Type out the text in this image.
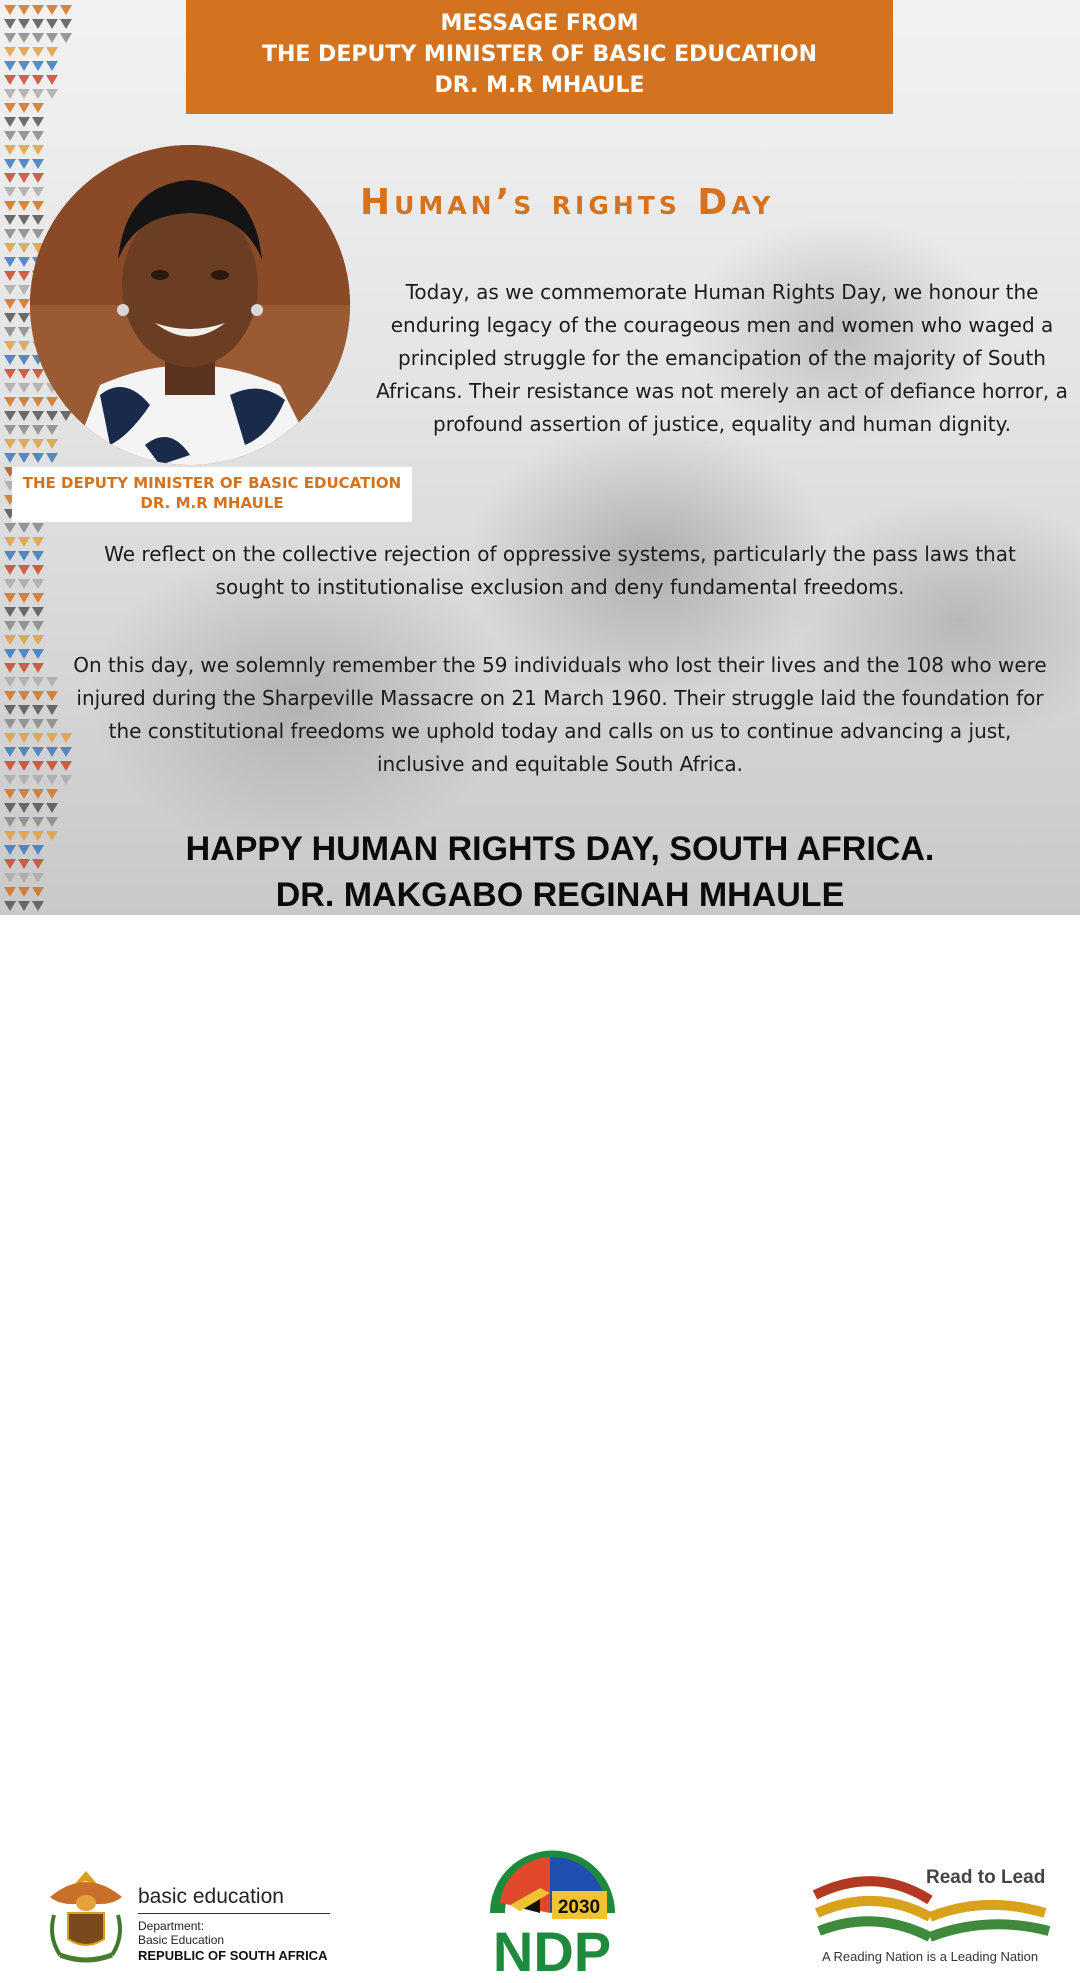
MESSAGE FROM
THE DEPUTY MINISTER OF BASIC EDUCATION
DR. M.R MHAULE
THE DEPUTY MINISTER OF BASIC EDUCATION
DR. M.R MHAULE
Human’s rights Day

Today, as we commemorate Human Rights Day, we honour the enduring legacy of the courageous men and women who waged a principled struggle for the emancipation of the majority of South Africans. Their resistance was not merely an act of defiance horror, a profound assertion of justice, equality and human dignity.

We reflect on the collective rejection of oppressive systems, particularly the pass laws that sought to institutionalise exclusion and deny fundamental freedoms.

On this day, we solemnly remember the 59 individuals who lost their lives and the 108 who were injured during the Sharpeville Massacre on 21 March 1960. Their struggle laid the foundation for the constitutional freedoms we uphold today and calls on us to continue advancing a just, inclusive and equitable South Africa.

HAPPY HUMAN RIGHTS DAY, SOUTH AFRICA.
DR. MAKGABO REGINAH MHAULE
basic education
Department:
Basic Education
REPUBLIC OF SOUTH AFRICA
2030
NDP
Read to Lead
A Reading Nation is a Leading Nation
